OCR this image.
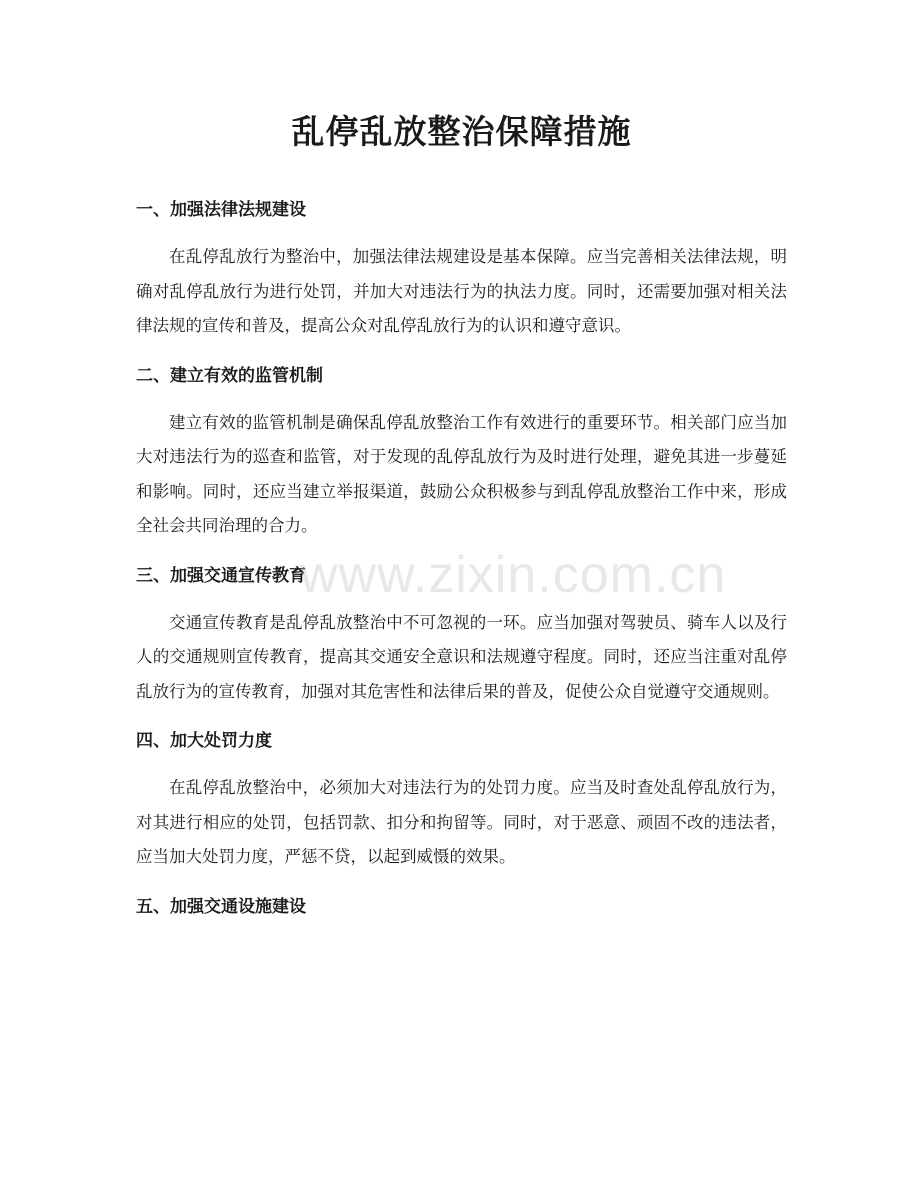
乱停乱放整治保障措施
一、加强法律法规建设

在乱停乱放行为整治中，加强法律法规建设是基本保障。应当完善相关法律法规，明确对乱停乱放行为进行处罚，并加大对违法行为的执法力度。同时，还需要加强对相关法律法规的宣传和普及，提高公众对乱停乱放行为的认识和遵守意识。

二、建立有效的监管机制

建立有效的监管机制是确保乱停乱放整治工作有效进行的重要环节。相关部门应当加大对违法行为的巡查和监管，对于发现的乱停乱放行为及时进行处理，避免其进一步蔓延和影响。同时，还应当建立举报渠道，鼓励公众积极参与到乱停乱放整治工作中来，形成全社会共同治理的合力。

三、加强交通宣传教育

交通宣传教育是乱停乱放整治中不可忽视的一环。应当加强对驾驶员、骑车人以及行人的交通规则宣传教育，提高其交通安全意识和法规遵守程度。同时，还应当注重对乱停乱放行为的宣传教育，加强对其危害性和法律后果的普及，促使公众自觉遵守交通规则。

四、加大处罚力度

在乱停乱放整治中，必须加大对违法行为的处罚力度。应当及时查处乱停乱放行为，对其进行相应的处罚，包括罚款、扣分和拘留等。同时，对于恶意、顽固不改的违法者，应当加大处罚力度，严惩不贷，以起到威慑的效果。

五、加强交通设施建设
www.zixin.com.cn
